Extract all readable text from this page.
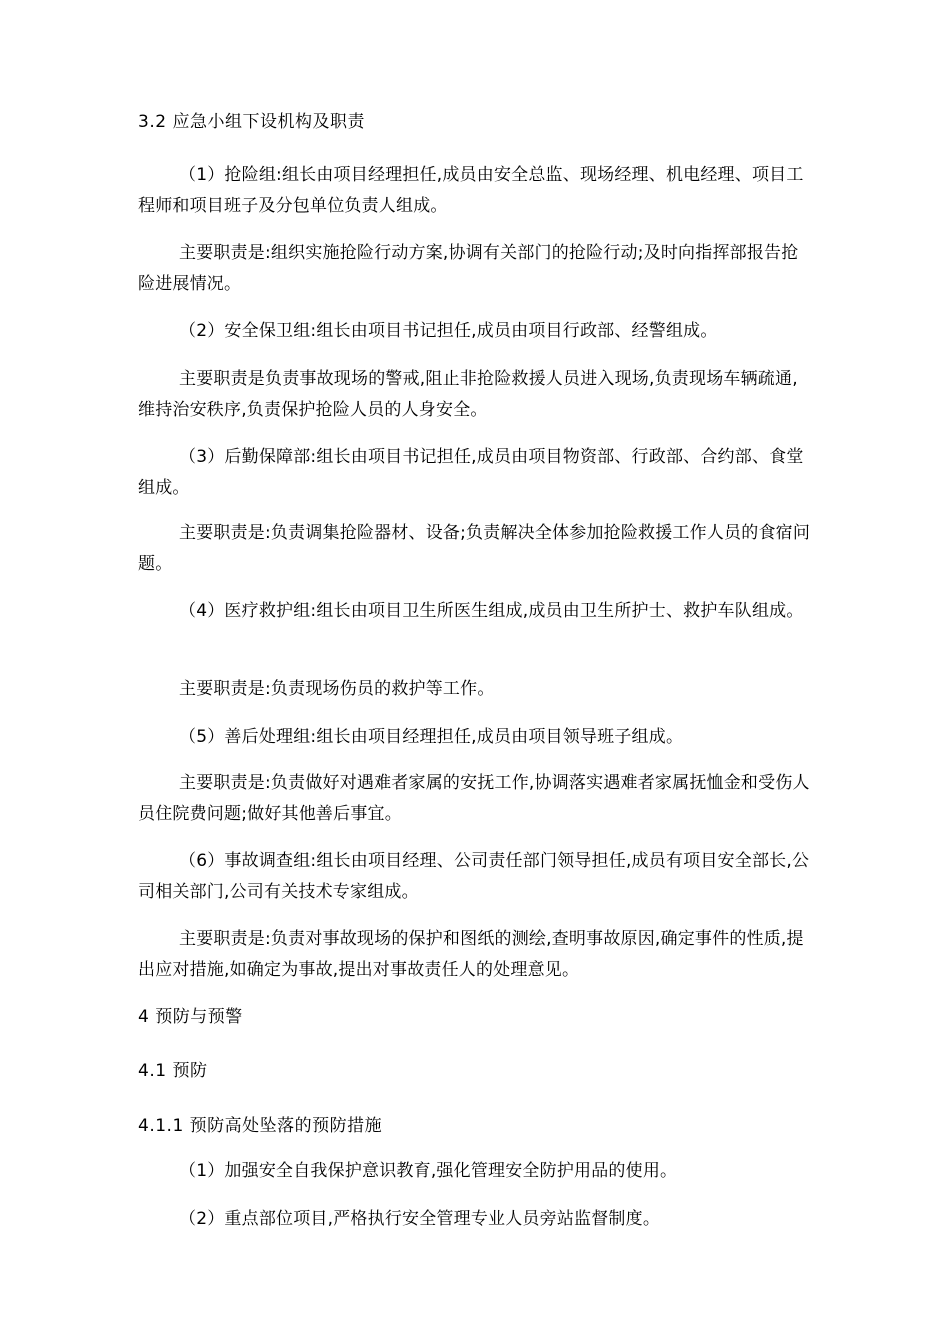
3.2 应急小组下设机构及职责

（1）抢险组:组长由项目经理担任,成员由安全总监、现场经理、机电经理、项目工程师和项目班子及分包单位负责人组成。

主要职责是:组织实施抢险行动方案,协调有关部门的抢险行动;及时向指挥部报告抢险进展情况。

（2）安全保卫组:组长由项目书记担任,成员由项目行政部、经警组成。

主要职责是负责事故现场的警戒,阻止非抢险救援人员进入现场,负责现场车辆疏通,维持治安秩序,负责保护抢险人员的人身安全。

（3）后勤保障部:组长由项目书记担任,成员由项目物资部、行政部、合约部、食堂组成。

主要职责是:负责调集抢险器材、设备;负责解决全体参加抢险救援工作人员的食宿问题。

（4）医疗救护组:组长由项目卫生所医生组成,成员由卫生所护士、救护车队组成。

主要职责是:负责现场伤员的救护等工作。

（5）善后处理组:组长由项目经理担任,成员由项目领导班子组成。

主要职责是:负责做好对遇难者家属的安抚工作,协调落实遇难者家属抚恤金和受伤人员住院费问题;做好其他善后事宜。

（6）事故调查组:组长由项目经理、公司责任部门领导担任,成员有项目安全部长,公司相关部门,公司有关技术专家组成。

主要职责是:负责对事故现场的保护和图纸的测绘,查明事故原因,确定事件的性质,提出应对措施,如确定为事故,提出对事故责任人的处理意见。

4 预防与预警
4.1 预防
4.1.1 预防高处坠落的预防措施

（1）加强安全自我保护意识教育,强化管理安全防护用品的使用。

（2）重点部位项目,严格执行安全管理专业人员旁站监督制度。
